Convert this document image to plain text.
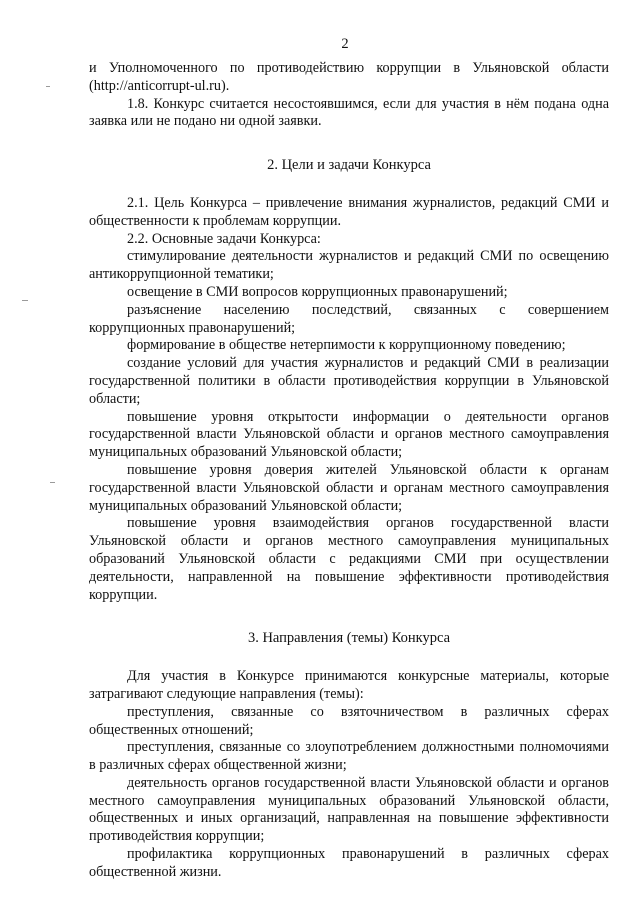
2

и Уполномоченного по противодействию коррупции в Ульяновской области (http://anticorrupt-ul.ru).

1.8. Конкурс считается несостоявшимся, если для участия в нём подана одна заявка или не подано ни одной заявки.

2. Цели и задачи Конкурса

2.1. Цель Конкурса – привлечение внимания журналистов, редакций СМИ и общественности к проблемам коррупции.

2.2. Основные задачи Конкурса:

стимулирование деятельности журналистов и редакций СМИ по освещению антикоррупционной тематики;

освещение в СМИ вопросов коррупционных правонарушений;

разъяснение населению последствий, связанных с совершением коррупционных правонарушений;

формирование в обществе нетерпимости к коррупционному поведению;

создание условий для участия журналистов и редакций СМИ в реализации государственной политики в области противодействия коррупции в Ульяновской области;

повышение уровня открытости информации о деятельности органов государственной власти Ульяновской области и органов местного самоуправления муниципальных образований Ульяновской области;

повышение уровня доверия жителей Ульяновской области к органам государственной власти Ульяновской области и органам местного самоуправления муниципальных образований Ульяновской области;

повышение уровня взаимодействия органов государственной власти Ульяновской области и органов местного самоуправления муниципальных образований Ульяновской области с редакциями СМИ при осуществлении деятельности, направленной на повышение эффективности противодействия коррупции.

3. Направления (темы) Конкурса

Для участия в Конкурсе принимаются конкурсные материалы, которые затрагивают следующие направления (темы):

преступления, связанные со взяточничеством в различных сферах общественных отношений;

преступления, связанные со злоупотреблением должностными полномочиями в различных сферах общественной жизни;

деятельность органов государственной власти Ульяновской области и органов местного самоуправления муниципальных образований Ульяновской области, общественных и иных организаций, направленная на повышение эффективности противодействия коррупции;

профилактика коррупционных правонарушений в различных сферах общественной жизни.
